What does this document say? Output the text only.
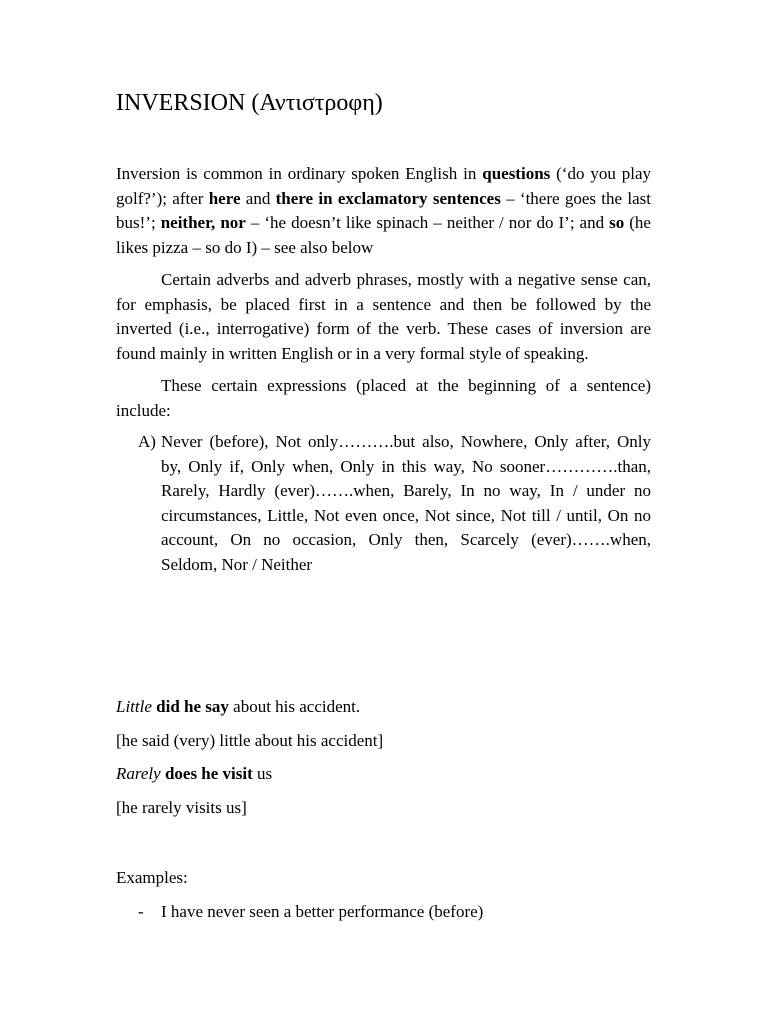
INVERSION (Αντιστροφη)

Inversion is common in ordinary spoken English in questions (‘do you play golf?’); after here and there in exclamatory sentences – ‘there goes the last bus!’; neither, nor – ‘he doesn’t like spinach – neither / nor do I’; and so (he likes pizza – so do I) – see also below

Certain adverbs and adverb phrases, mostly with a negative sense can, for emphasis, be placed first in a sentence and then be followed by the inverted (i.e., interrogative) form of the verb. These cases of inversion are found mainly in written English or in a very formal style of speaking.

These certain expressions (placed at the beginning of a sentence) include:

A) Never (before), Not only……….but also, Nowhere, Only after, Only by, Only if, Only when, Only in this way, No sooner………….than, Rarely, Hardly (ever)…….when, Barely, In no way, In / under no circumstances, Little, Not even once, Not since, Not till / until, On no account, On no occasion, Only then, Scarcely (ever)…….when, Seldom, Nor / Neither

Little did he say about his accident.

[he said (very) little about his accident]

Rarely does he visit us

[he rarely visits us]

Examples:

-	I have never seen a better performance (before)
